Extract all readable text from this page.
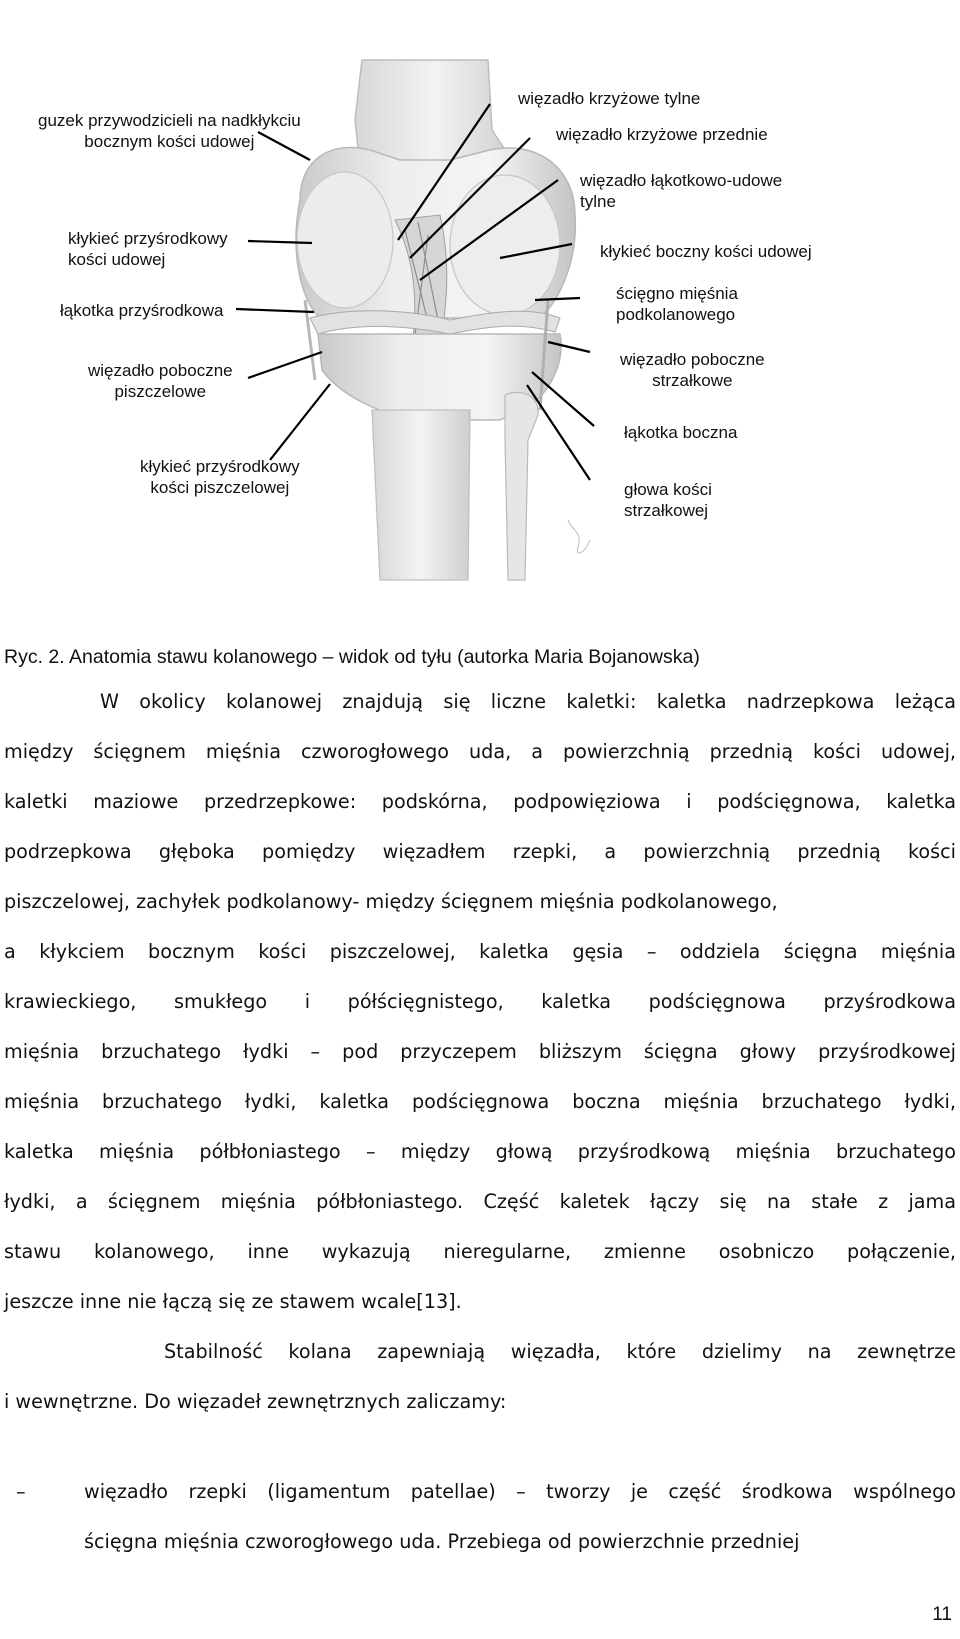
guzek przywodzicieli na nadkłykciu
bocznym kości udowej
kłykieć przyśrodkowy
kości udowej
łąkotka przyśrodkowa
więzadło poboczne
piszczelowe
kłykieć przyśrodkowy
kości piszczelowej
więzadło krzyżowe tylne
więzadło krzyżowe przednie
więzadło łąkotkowo-udowe
tylne
kłykieć boczny kości udowej
ścięgno mięśnia
podkolanowego
więzadło poboczne
strzałkowe
łąkotka boczna
głowa kości
strzałkowej
Ryc. 2. Anatomia stawu kolanowego – widok od tyłu (autorka Maria Bojanowska)
W okolicy kolanowej znajdują się liczne kaletki: kaletka nadrzepkowa leżąca
między ścięgnem mięśnia czworogłowego uda, a powierzchnią przednią kości udowej,
kaletki maziowe przedrzepkowe: podskórna, podpowięziowa i podścięgnowa, kaletka
podrzepkowa głęboka pomiędzy więzadłem rzepki, a powierzchnią przednią kości
piszczelowej, zachyłek podkolanowy- między ścięgnem mięśnia podkolanowego,
a kłykciem bocznym kości piszczelowej, kaletka gęsia – oddziela ścięgna mięśnia
krawieckiego, smukłego i półścięgnistego, kaletka podścięgnowa przyśrodkowa
mięśnia brzuchatego łydki – pod przyczepem bliższym ścięgna głowy przyśrodkowej
mięśnia brzuchatego łydki, kaletka podścięgnowa boczna mięśnia brzuchatego łydki,
kaletka mięśnia półbłoniastego – między głową przyśrodkową mięśnia brzuchatego
łydki, a ścięgnem mięśnia półbłoniastego. Część kaletek łączy się na stałe z jama
stawu kolanowego, inne wykazują nieregularne, zmienne osobniczo połączenie,
jeszcze inne nie łączą się ze stawem wcale[13].
Stabilność kolana zapewniają więzadła, które dzielimy na zewnętrze
i wewnętrzne. Do więzadeł zewnętrznych zaliczamy:
–	więzadło rzepki (ligamentum patellae) – tworzy je część środkowa wspólnego
ścięgna mięśnia czworogłowego uda. Przebiega od powierzchnie przedniej
11
